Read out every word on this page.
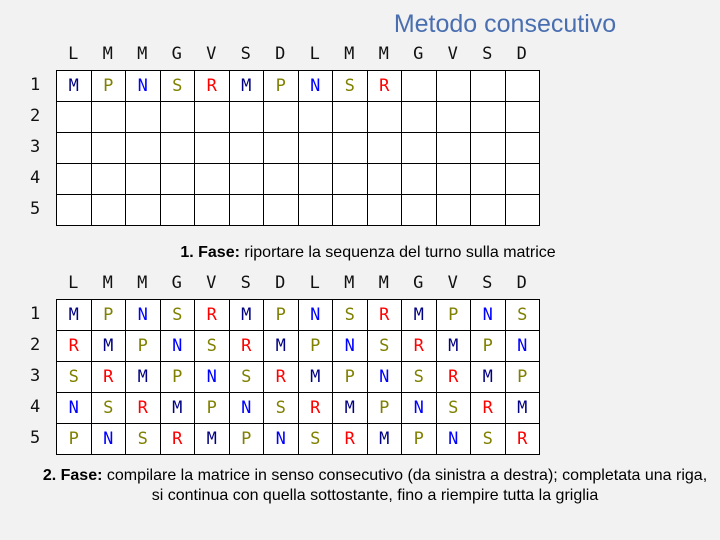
Metodo consecutivo
L	M	M	G	V	S	D	L	M	M	G	V	S	D
1
2
3
4
5
M	P	N	S	R	M	P	N	S	R				

1. Fase: riportare la sequenza del turno sulla matrice
L	M	M	G	V	S	D	L	M	M	G	V	S	D
1
2
3
4
5
M	P	N	S	R	M	P	N	S	R	M	P	N	S
R	M	P	N	S	R	M	P	N	S	R	M	P	N
S	R	M	P	N	S	R	M	P	N	S	R	M	P
N	S	R	M	P	N	S	R	M	P	N	S	R	M
P	N	S	R	M	P	N	S	R	M	P	N	S	R
2. Fase: compilare la matrice in senso consecutivo (da sinistra a destra); completata una riga, si continua con quella sottostante, fino a riempire tutta la griglia
